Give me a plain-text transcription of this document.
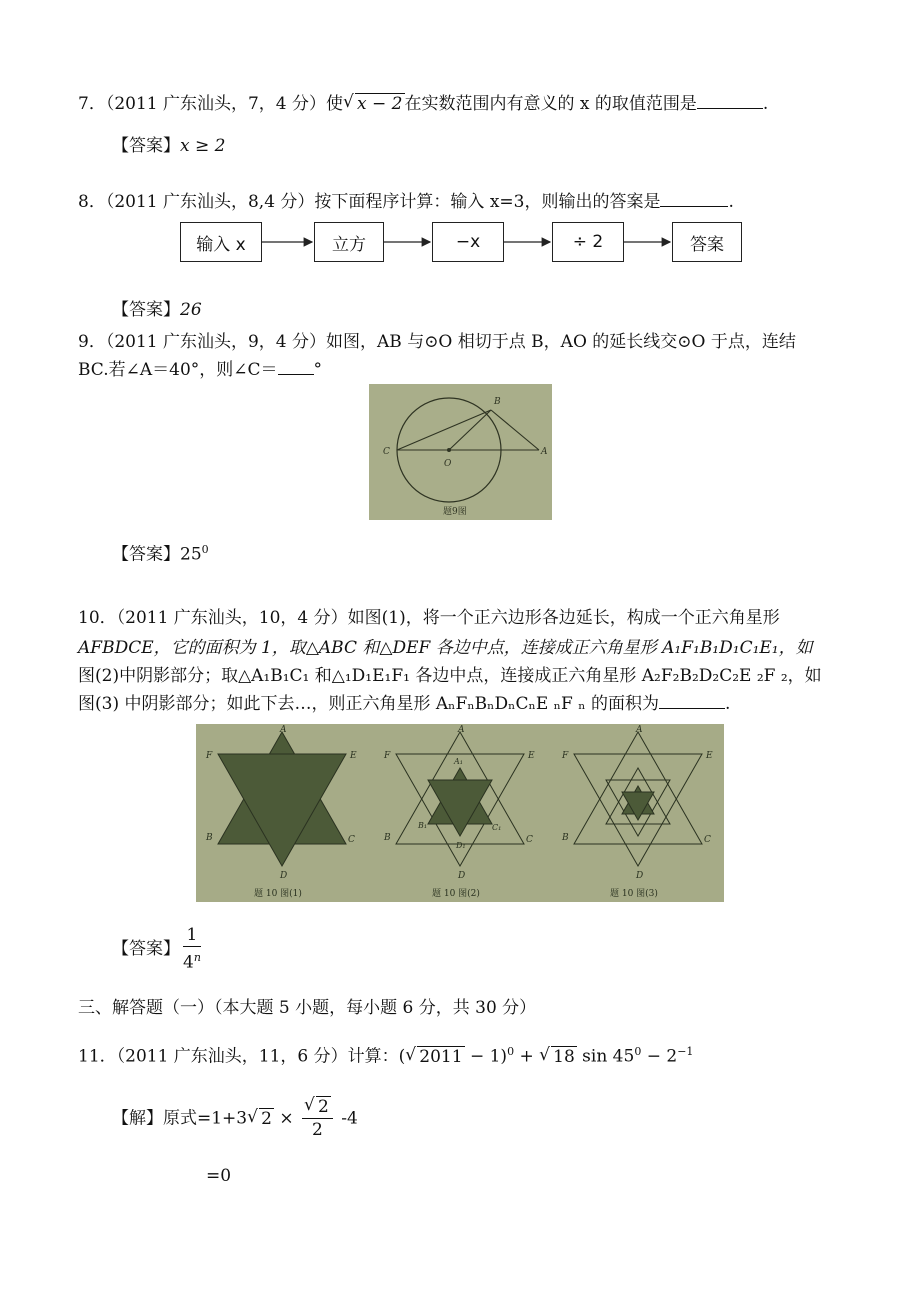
7．（2011 广东汕头，7，4 分）使 √ x − 2 在实数范围内有意义的 x 的取值范围是	.
【答案】x ≥ 2
8．（2011 广东汕头，8,4 分）按下面程序计算：输入 x=3，则输出的答案是	.
输入 x	立方	−x	÷ 2	答案
【答案】26
9．（2011 广东汕头，9，4 分）如图，AB 与⊙O 相切于点 B，AO 的延长线交⊙O 于点，连结
BC.若∠A＝40°，则∠C＝ °
B
C
O
A
题9图
【答案】$25^0$
10．（2011 广东汕头，10，4 分）如图(1)，将一个正六边形各边延长，构成一个正六角星形
AFBDCE，它的面积为 1，取△ABC 和△DEF 各边中点，连接成正六角星形 A₁F₁B₁D₁C₁E₁，如
图(2)中阴影部分；取△A₁B₁C₁ 和△₁D₁E₁F₁ 各边中点，连接成正六角星形 A₂F₂B₂D₂C₂E ₂F ₂，如
图(3) 中阴影部分；如此下去…，则正六角星形 AₙFₙBₙDₙCₙE ₙF ₙ 的面积为	.
A
F	E
B	C
D
题 10 图(1)
A
F	E
B	C
D
A₁
B₁	C₁
D₁
题 10 图(2)
A
F	E
B	C
D
题 10 图(3)
【答案】 $\frac{1}{4^n}$
三、解答题（一）（本大题 5 小题，每小题 6 分，共 30 分）
11．（2011 广东汕头，11，6 分）计算：( √ 2011 − 1)$^0$ + √ 18 $\sin 45^0 - 2^{-1}$
【解】原式=1+3 √ $2 \times \frac{√ 2}{2} -4$
=0
